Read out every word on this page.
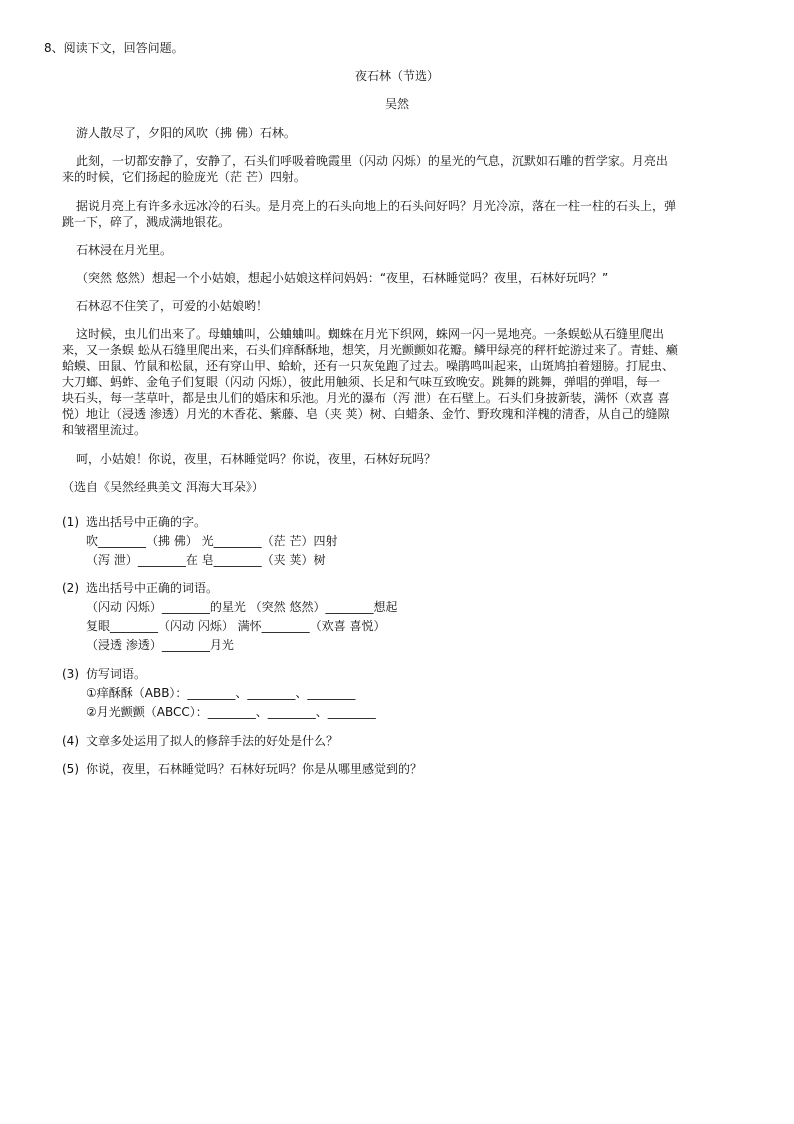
8、阅读下文，回答问题。
夜石林（节选）
吴然
游人散尽了，夕阳的风吹（拂 佛）石林。
此刻，一切都安静了，安静了，石头们呼吸着晚霞里（闪动 闪烁）的星光的气息，沉默如石雕的哲学家。月亮出
来的时候，它们扬起的脸庞光（茫 芒）四射。
据说月亮上有许多永远冰冷的石头。是月亮上的石头向地上的石头问好吗？月光冷凉，落在一柱一柱的石头上，弹
跳一下，碎了，溅成满地银花。
石林浸在月光里。
（突然 悠然）想起一个小姑娘，想起小姑娘这样问妈妈：“夜里，石林睡觉吗？夜里，石林好玩吗？”
石林忍不住笑了，可爱的小姑娘哟！
这时候，虫儿们出来了。母蛐蛐叫，公蛐蛐叫。蜘蛛在月光下织网，蛛网一闪一晃地亮。一条蜈蚣从石缝里爬出
来，又一条蜈 蚣从石缝里爬出来，石头们痒酥酥地，想笑，月光颤颤如花瓣。鳞甲绿亮的秤杆蛇游过来了。青蛙、癞
蛤蟆、田鼠、竹鼠和松鼠，还有穿山甲、蛤蚧，还有一只灰兔跑了过去。噪鹃鸣叫起来，山斑鸠拍着翅膀。打屁虫、
大刀螂、蚂蚱、金龟子们复眼（闪动 闪烁），彼此用触须、长足和气味互致晚安。跳舞的跳舞，弹唱的弹唱，每一
块石头，每一茎草叶，都是虫儿们的婚床和乐池。月光的瀑布（泻 泄）在石壁上。石头们身披新装，满怀（欢喜 喜
悦）地让（浸透 渗透）月光的木香花、紫藤、皂（夹 荚）树、白蜡条、金竹、野玫瑰和洋槐的清香，从自己的缝隙
和皱褶里流过。
呵，小姑娘！你说，夜里，石林睡觉吗？你说，夜里，石林好玩吗？
（选自《吴然经典美文 洱海大耳朵》）
(1) 选出括号中正确的字。
吹________（拂 佛） 光________（茫 芒）四射
（泻 泄）________在 皂________（夹 荚）树
(2) 选出括号中正确的词语。
（闪动 闪烁）________的星光 （突然 悠然）________想起
复眼________（闪动 闪烁） 满怀________（欢喜 喜悦）
（浸透 渗透）________月光
(3) 仿写词语。
①痒酥酥（ABB）：________、________、________
②月光颤颤（ABCC）：________、________、________
(4) 文章多处运用了拟人的修辞手法的好处是什么？
(5) 你说，夜里，石林睡觉吗？石林好玩吗？你是从哪里感觉到的？
